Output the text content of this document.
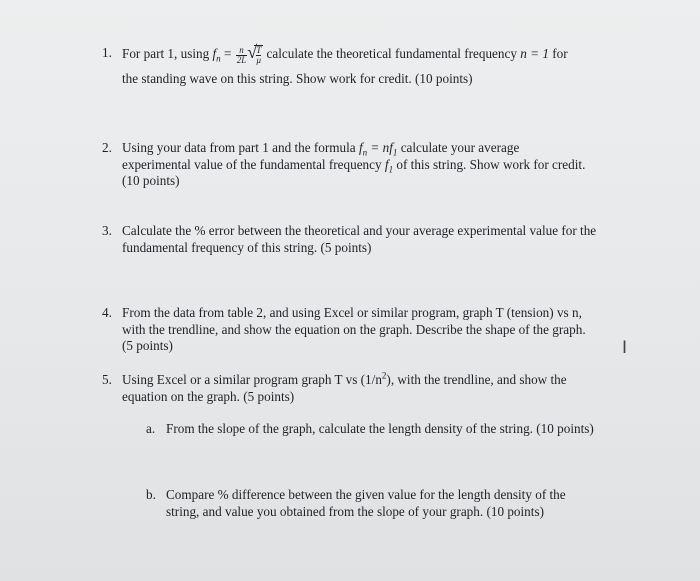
1. For part 1, using $f_n = \frac{n}{2L}$ √
$\frac{T}{\mu}$ calculate the theoretical fundamental frequency n = 1 for
the standing wave on this string. Show work for credit. (10 points)
2. Using your data from part 1 and the formula $f_n = nf_1$ calculate your average
experimental value of the fundamental frequency $f_1$ of this string. Show work for credit.
(10 points)
3. Calculate the % error between the theoretical and your average experimental value for the
fundamental frequency of this string. (5 points)
4. From the data from table 2, and using Excel or similar program, graph T (tension) vs n,
with the trendline, and show the equation on the graph. Describe the shape of the graph.
(5 points)
5. Using Excel or a similar program graph T vs $(1/n^2)$, with the trendline, and show the
equation on the graph. (5 points)
a. From the slope of the graph, calculate the length density of the string. (10 points)
b. Compare % difference between the given value for the length density of the
string, and value you obtained from the slope of your graph. (10 points)
I
